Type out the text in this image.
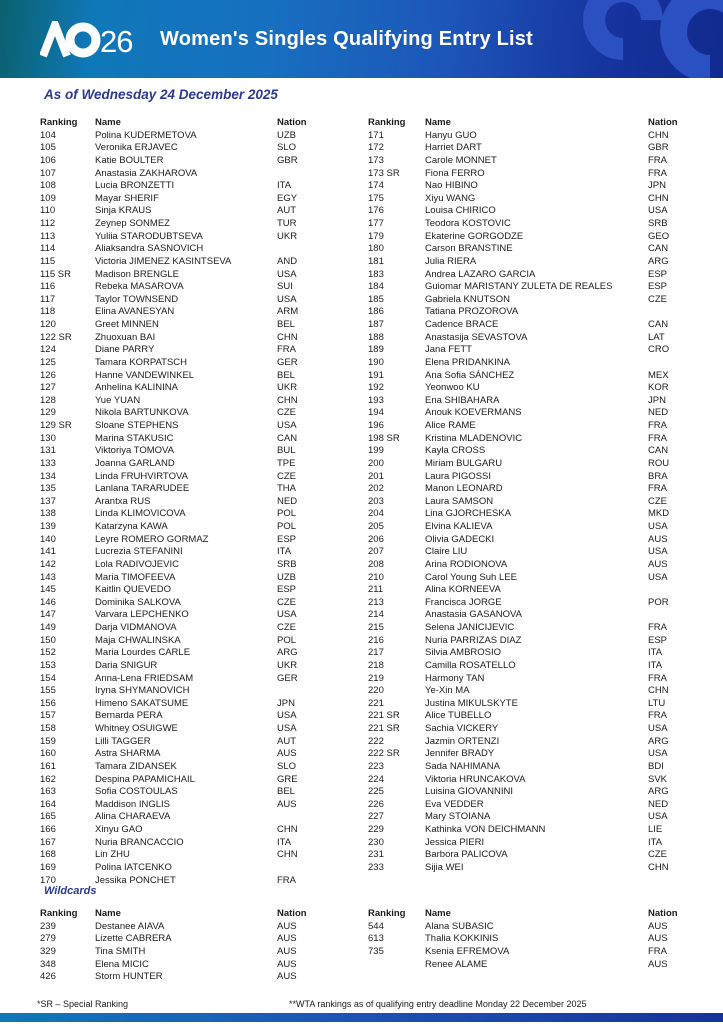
26 Women's Singles Qualifying Entry List
As of Wednesday 24 December 2025
Ranking	Name	Nation
104	Polina KUDERMETOVA	UZB
105	Veronika ERJAVEC	SLO
106	Katie BOULTER	GBR
107	Anastasia ZAKHAROVA
108	Lucia BRONZETTI	ITA
109	Mayar SHERIF	EGY
110	Sinja KRAUS	AUT
112	Zeynep SONMEZ	TUR
113	Yuliia STARODUBTSEVA	UKR
114	Aliaksandra SASNOVICH
115	Victoria JIMENEZ KASINTSEVA	AND
115 SR	Madison BRENGLE	USA
116	Rebeka MASAROVA	SUI
117	Taylor TOWNSEND	USA
118	Elina AVANESYAN	ARM
120	Greet MINNEN	BEL
122 SR	Zhuoxuan BAI	CHN
124	Diane PARRY	FRA
125	Tamara KORPATSCH	GER
126	Hanne VANDEWINKEL	BEL
127	Anhelina KALININA	UKR
128	Yue YUAN	CHN
129	Nikola BARTUNKOVA	CZE
129 SR	Sloane STEPHENS	USA
130	Marina STAKUSIC	CAN
131	Viktoriya TOMOVA	BUL
133	Joanna GARLAND	TPE
134	Linda FRUHVIRTOVA	CZE
135	Lanlana TARARUDEE	THA
137	Arantxa RUS	NED
138	Linda KLIMOVICOVA	POL
139	Katarzyna KAWA	POL
140	Leyre ROMERO GORMAZ	ESP
141	Lucrezia STEFANINI	ITA
142	Lola RADIVOJEVIC	SRB
143	Maria TIMOFEEVA	UZB
145	Kaitlin QUEVEDO	ESP
146	Dominika SALKOVA	CZE
147	Varvara LEPCHENKO	USA
149	Darja VIDMANOVA	CZE
150	Maja CHWALINSKA	POL
152	Maria Lourdes CARLE	ARG
153	Daria SNIGUR	UKR
154	Anna-Lena FRIEDSAM	GER
155	Iryna SHYMANOVICH
156	Himeno SAKATSUME	JPN
157	Bernarda PERA	USA
158	Whitney OSUIGWE	USA
159	Lilli TAGGER	AUT
160	Astra SHARMA	AUS
161	Tamara ZIDANSEK	SLO
162	Despina PAPAMICHAIL	GRE
163	Sofia COSTOULAS	BEL
164	Maddison INGLIS	AUS
165	Alina CHARAEVA
166	Xinyu GAO	CHN
167	Nuria BRANCACCIO	ITA
168	Lin ZHU	CHN
169	Polina IATCENKO
170	Jessika PONCHET	FRA
Ranking	Name	Nation
171	Hanyu GUO	CHN
172	Harriet DART	GBR
173	Carole MONNET	FRA
173 SR	Fiona FERRO	FRA
174	Nao HIBINO	JPN
175	Xiyu WANG	CHN
176	Louisa CHIRICO	USA
177	Teodora KOSTOVIC	SRB
179	Ekaterine GORGODZE	GEO
180	Carson BRANSTINE	CAN
181	Julia RIERA	ARG
183	Andrea LAZARO GARCIA	ESP
184	Guiomar MARISTANY ZULETA DE REALES	ESP
185	Gabriela KNUTSON	CZE
186	Tatiana PROZOROVA
187	Cadence BRACE	CAN
188	Anastasija SEVASTOVA	LAT
189	Jana FETT	CRO
190	Elena PRIDANKINA
191	Ana Sofia SÁNCHEZ	MEX
192	Yeonwoo KU	KOR
193	Ena SHIBAHARA	JPN
194	Anouk KOEVERMANS	NED
196	Alice RAME	FRA
198 SR	Kristina MLADENOVIC	FRA
199	Kayla CROSS	CAN
200	Miriam BULGARU	ROU
201	Laura PIGOSSI	BRA
202	Manon LEONARD	FRA
203	Laura SAMSON	CZE
204	Lina GJORCHESKA	MKD
205	Elvina KALIEVA	USA
206	Olivia GADECKI	AUS
207	Claire LIU	USA
208	Arina RODIONOVA	AUS
210	Carol Young Suh LEE	USA
211	Alina KORNEEVA
213	Francisca JORGE	POR
214	Anastasia GASANOVA
215	Selena JANICIJEVIC	FRA
216	Nuria PARRIZAS DIAZ	ESP
217	Silvia AMBROSIO	ITA
218	Camilla ROSATELLO	ITA
219	Harmony TAN	FRA
220	Ye-Xin MA	CHN
221	Justina MIKULSKYTE	LTU
221 SR	Alice TUBELLO	FRA
221 SR	Sachia VICKERY	USA
222	Jazmin ORTENZI	ARG
222 SR	Jennifer BRADY	USA
223	Sada NAHIMANA	BDI
224	Viktoria HRUNCAKOVA	SVK
225	Luisina GIOVANNINI	ARG
226	Eva VEDDER	NED
227	Mary STOIANA	USA
229	Kathinka VON DEICHMANN	LIE
230	Jessica PIERI	ITA
231	Barbora PALICOVA	CZE
233	Sijia WEI	CHN
Wildcards
Ranking	Name	Nation
239	Destanee AIAVA	AUS
279	Lizette CABRERA	AUS
329	Tina SMITH	AUS
348	Elena MICIC	AUS
426	Storm HUNTER	AUS
Ranking	Name	Nation
544	Alana SUBASIC	AUS
613	Thalia KOKKINIS	AUS
735	Ksenia EFREMOVA	FRA
Renee ALAME	AUS
*SR – Special Ranking	**WTA rankings as of qualifying entry deadline Monday 22 December 2025
